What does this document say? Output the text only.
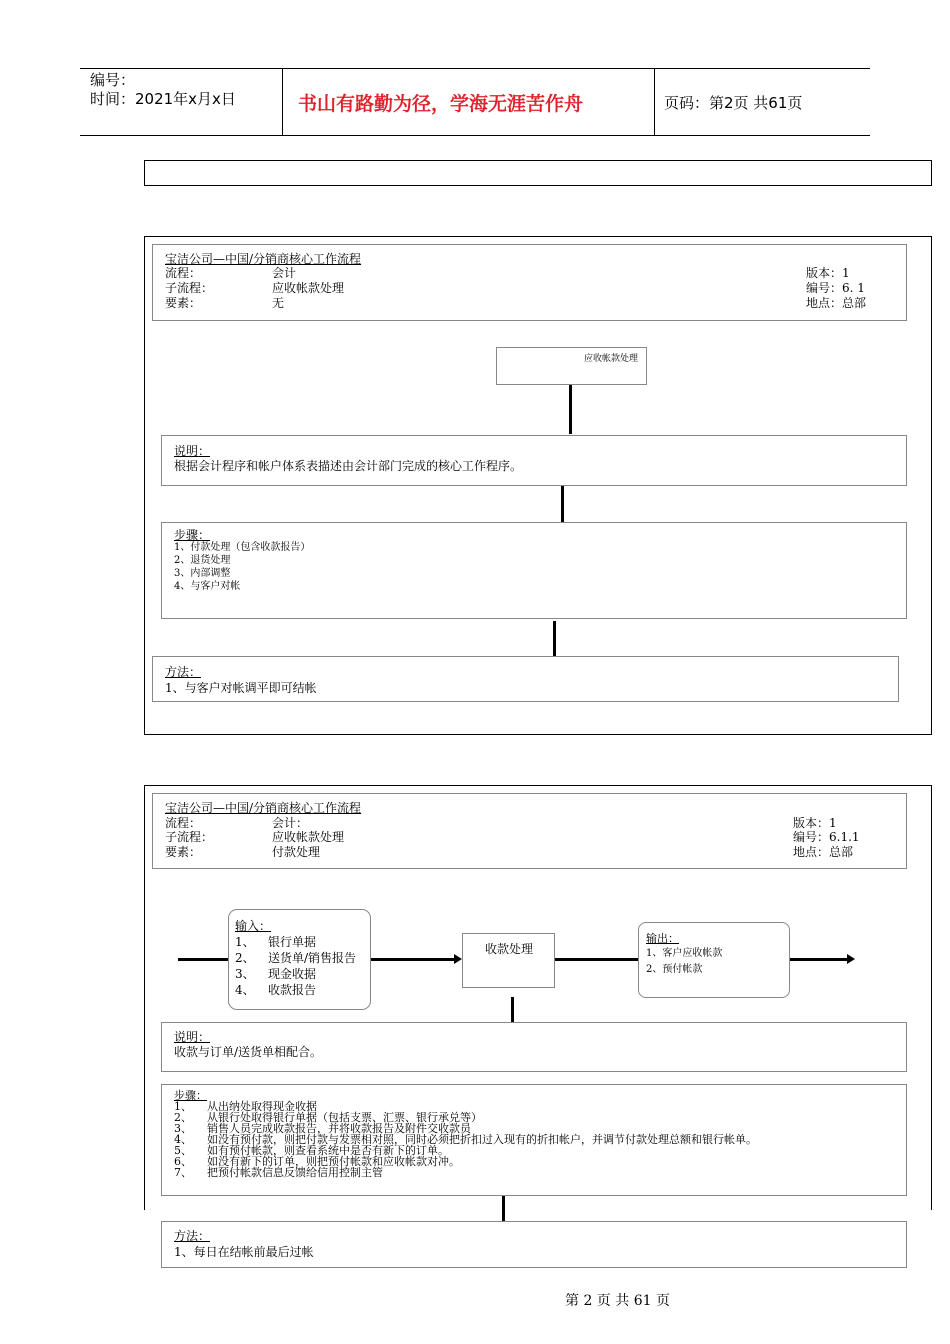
编号：
时间：2021年x月x日	书山有路勤为径，学海无涯苦作舟	页码：第2页 共61页
宝洁公司—中国/分销商核心工作流程
流程：	会计	版本：1
子流程：	应收帐款处理	编号：6. 1
要素：	无	地点：总部
应收帐款处理
说明：
根据会计程序和帐户体系表描述由会计部门完成的核心工作程序。
步骤：
1、付款处理（包含收款报告）
2、退货处理
3、内部调整
4、与客户对帐
方法：
1、与客户对帐调平即可结帐
宝洁公司—中国/分销商核心工作流程
流程：	会计：	版本：1
子流程：	应收帐款处理	编号：6.1.1
要素：	付款处理	地点：总部
输入：
1、 银行单据
2、 送货单/销售报告
3、 现金收据
4、 收款报告
收款处理
输出：
1、客户应收帐款
2、预付帐款
说明：
收款与订单/送货单相配合。
步骤：
1、 从出纳处取得现金收据
2、 从银行处取得银行单据（包括支票、汇票、银行承兑等）
3、 销售人员完成收款报告，并将收款报告及附件交收款员
4、 如没有预付款，则把付款与发票相对照，同时必须把折扣过入现有的折扣帐户，并调节付款处理总额和银行帐单。
5、 如有预付帐款，则查看系统中是否有新下的订单。
6、 如没有新下的订单，则把预付帐款和应收帐款对冲。
7、 把预付帐款信息反馈给信用控制主管
方法：
1、每日在结帐前最后过帐
第 2 页 共 61 页
